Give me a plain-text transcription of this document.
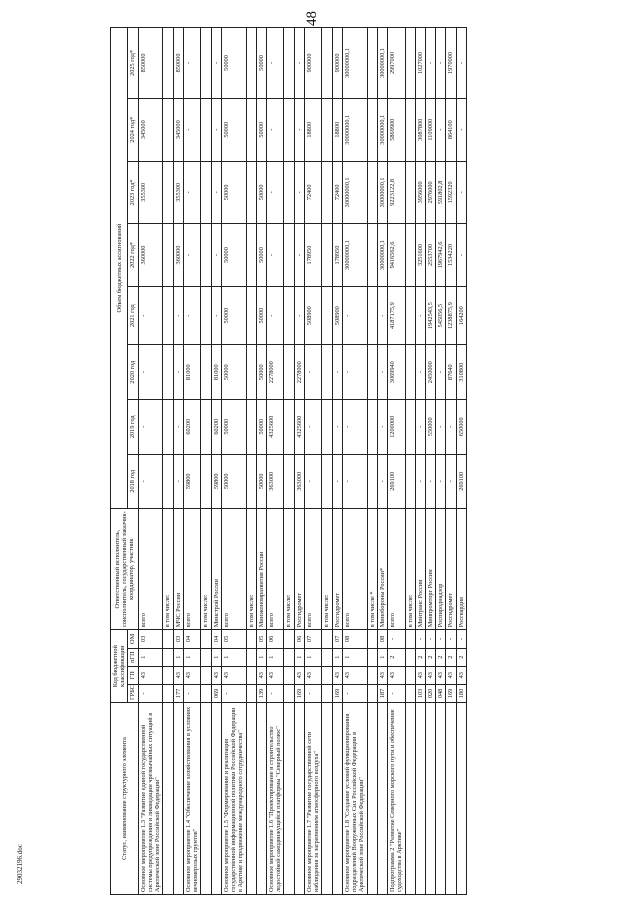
48
29032196.doc
Статус, наименование структурного элемента	Код бюджетной классификации				Ответственный исполнитель, соисполнитель, государственный заказчик-координатор, участник	Объем бюджетных ассигнований							
	ГРБС	ГП	пГП	ОМ		2018 год	2019 год	2020 год	2021 год	2022 год*	2023 год*	2024 год*	2025 год*
Основное мероприятие 1.3 "Развитие единой государственной системы предупреждения и ликвидации чрезвычайных ситуаций в Арктической зоне Российской Федерации"	-	43	1	03	всего	-	-	-	-	360000	355300	345000	850000
					в том числе:								
	177	43	1	03	МЧС России	-	-	-	-	360000	355300	345000	850000
Основное мероприятие 1.4 "Обеспечение хозяйствования в условиях вечномерзлых грунтов"	-	43	1	04	всего	59800	60200	81000	-	-	-	-	-
					в том числе:								
	069	43	1	04	Минстрой России	59800	60200	81000	-	-	-	-	-
Основное мероприятие 1.5 "Формирование и реализация государственной информационной политики Российской Федерации в Арктике и продвижение международного сотрудничества"	-	43	1	05	всего	50000	50000	50000	50000	50000	50000	50000	50000
					в том числе:								
	139	43	1	05	Минэкономразвития России	50000	50000	50000	50000	50000	50000	50000	50000
Основное мероприятие 1.6 "Проектирование и строительство ледостойкой самодвижущейся платформы "Северный полюс"	-	43	1	06	всего	363000	4325600	2278000	-	-	-	-	-
					в том числе:								
	169	43	1	06	Росгидромет	363000	4325600	2278000	-	-	-	-	-
Основное мероприятие 1.7 "Развитие государственной сети наблюдения за загрязнением атмосферного воздуха"	-	43	1	07	всего	-	-	-	508900	178950	72400	18800	900000
					в том числе:								
	169	43	1	07	Росгидромет	-	-	-	508900	178950	72400	18800	900000
Основное мероприятие 1.8 "Создание условий функционирования подразделений Вооруженных Сил Российской Федерации в Арктической зоне Российской Федерации"	-	43	1	08	всего	-	-	-	-	30000000,1	30000000,1	30000000,1	30000000,1
					в том числе *								
	187	43	1	08	Минобороны России*	-	-	-	-	30000000,1	30000000,1	30000000,1	30000000,1
Подпрограмма 2 "Развитие Северного морского пути и обеспечение судоходства в Арктике"	-	43	2	-	всего	269100	1200000	3069940	4187175,9	9416562,6	9223122,8	5869900	2997000
					в том числе:								
	103	43	2	-	Минтранс России	-	-	-	-	3251600	3956000	3087800	1027000
	020	43	2	-	Минпромторг России	-	550000	2450000	1942543,5	2553700	2976000	1109000	-
	048	43	2	-	Роспироднадзор	-	-	-	545056,5	1967942,6	591802,8	-	-
	169	43	2	-	Росгидромет	-	-	87640	1238875,9	1534220	1592320	864100	1970000
	180	43	2	-	Росгвардия	269100	650000	310800	164200	-	-	-	-
